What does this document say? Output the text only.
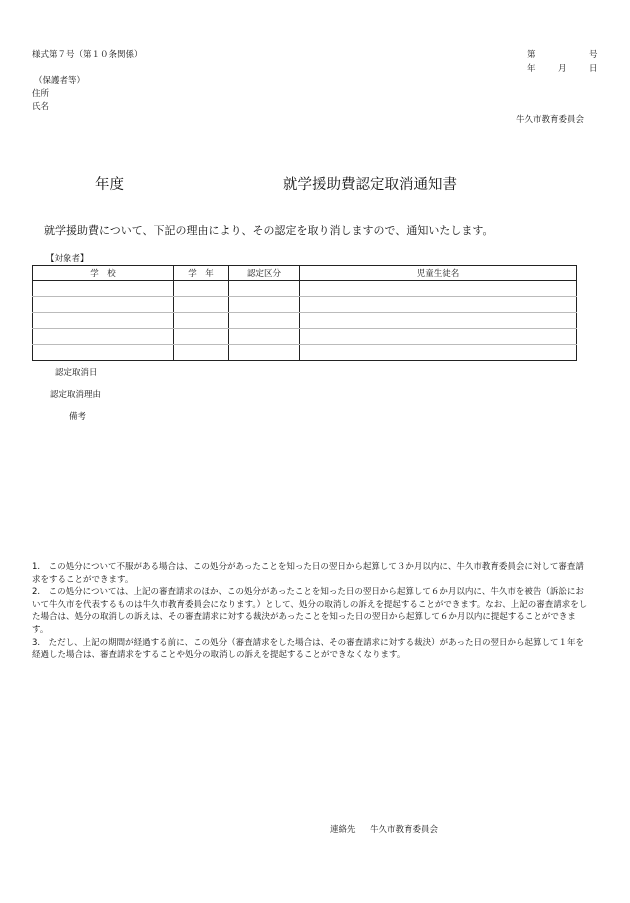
様式第７号（第１０条関係）	第	号
年	月	日
（保護者等）
住所
氏名
牛久市教育委員会
年度	就学援助費認定取消通知書
就学援助費について、下記の理由により、その認定を取り消しますので、通知いたします。
【対象者】
学　校	学　年	認定区分	児童生徒名

認定取消日
認定取消理由
備考

1.　この処分について不服がある場合は、この処分があったことを知った日の翌日から起算して３か月以内に、牛久市教育委員会に対して審査請求をすることができます。

2.　この処分については、上記の審査請求のほか、この処分があったことを知った日の翌日から起算して６か月以内に、牛久市を被告（訴訟において牛久市を代表するものは牛久市教育委員会になります。）として、処分の取消しの訴えを提起することができます。なお、上記の審査請求をした場合は、処分の取消しの訴えは、その審査請求に対する裁決があったことを知った日の翌日から起算して６か月以内に提起することができます。

3.　ただし、上記の期間が経過する前に、この処分（審査請求をした場合は、その審査請求に対する裁決）があった日の翌日から起算して１年を経過した場合は、審査請求をすることや処分の取消しの訴えを提起することができなくなります。

連絡先 牛久市教育委員会
